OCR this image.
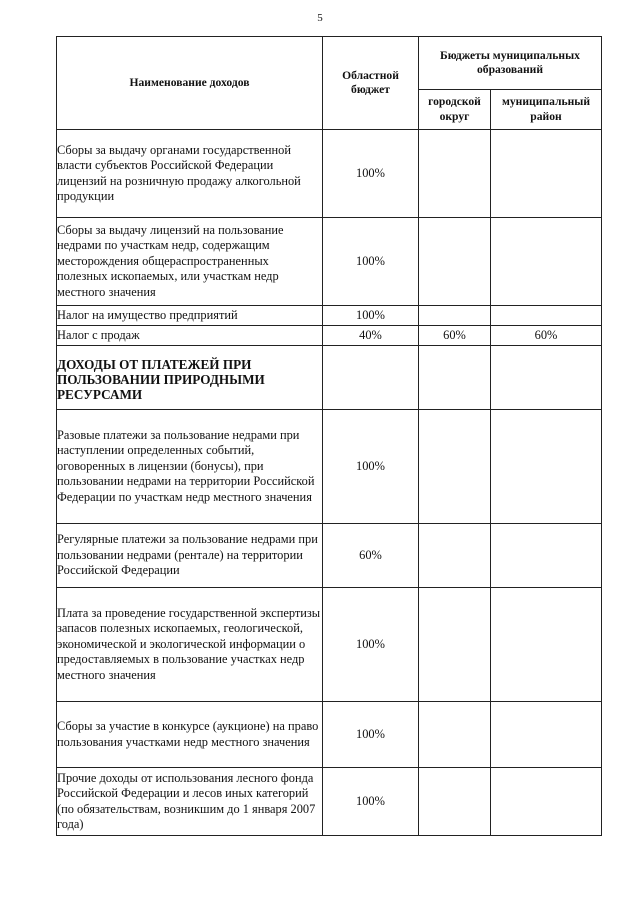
5
Наименование доходов	Областной бюджет	Бюджеты муниципальных образований	
		городской округ	муниципальный район
Сборы за выдачу органами государственной власти субъектов Российской Федерации лицензий на розничную продажу алкогольной продукции	100%		
Сборы за выдачу лицензий на пользование недрами по участкам недр, содержащим месторождения общераспространенных полезных ископаемых, или участкам недр местного значения	100%		
Налог на имущество предприятий	100%		
Налог с продаж	40%	60%	60%
ДОХОДЫ ОТ ПЛАТЕЖЕЙ ПРИ ПОЛЬЗОВАНИИ ПРИРОДНЫМИ РЕСУРСАМИ			
Разовые платежи за пользование недрами при наступлении определенных событий, оговоренных в лицензии (бонусы), при пользовании недрами на территории Российской Федерации по участкам недр местного значения	100%		
Регулярные платежи за пользование недрами при пользовании недрами (рентале) на территории Российской Федерации	60%		
Плата за проведение государственной экспертизы запасов полезных ископаемых, геологической, экономической и экологической информации о предоставляемых в пользование участках недр местного значения	100%		
Сборы за участие в конкурсе (аукционе) на право пользования участками недр местного значения	100%		
Прочие доходы от использования лесного фонда Российской Федерации и лесов иных категорий (по обязательствам, возникшим до 1 января 2007 года)	100%		
